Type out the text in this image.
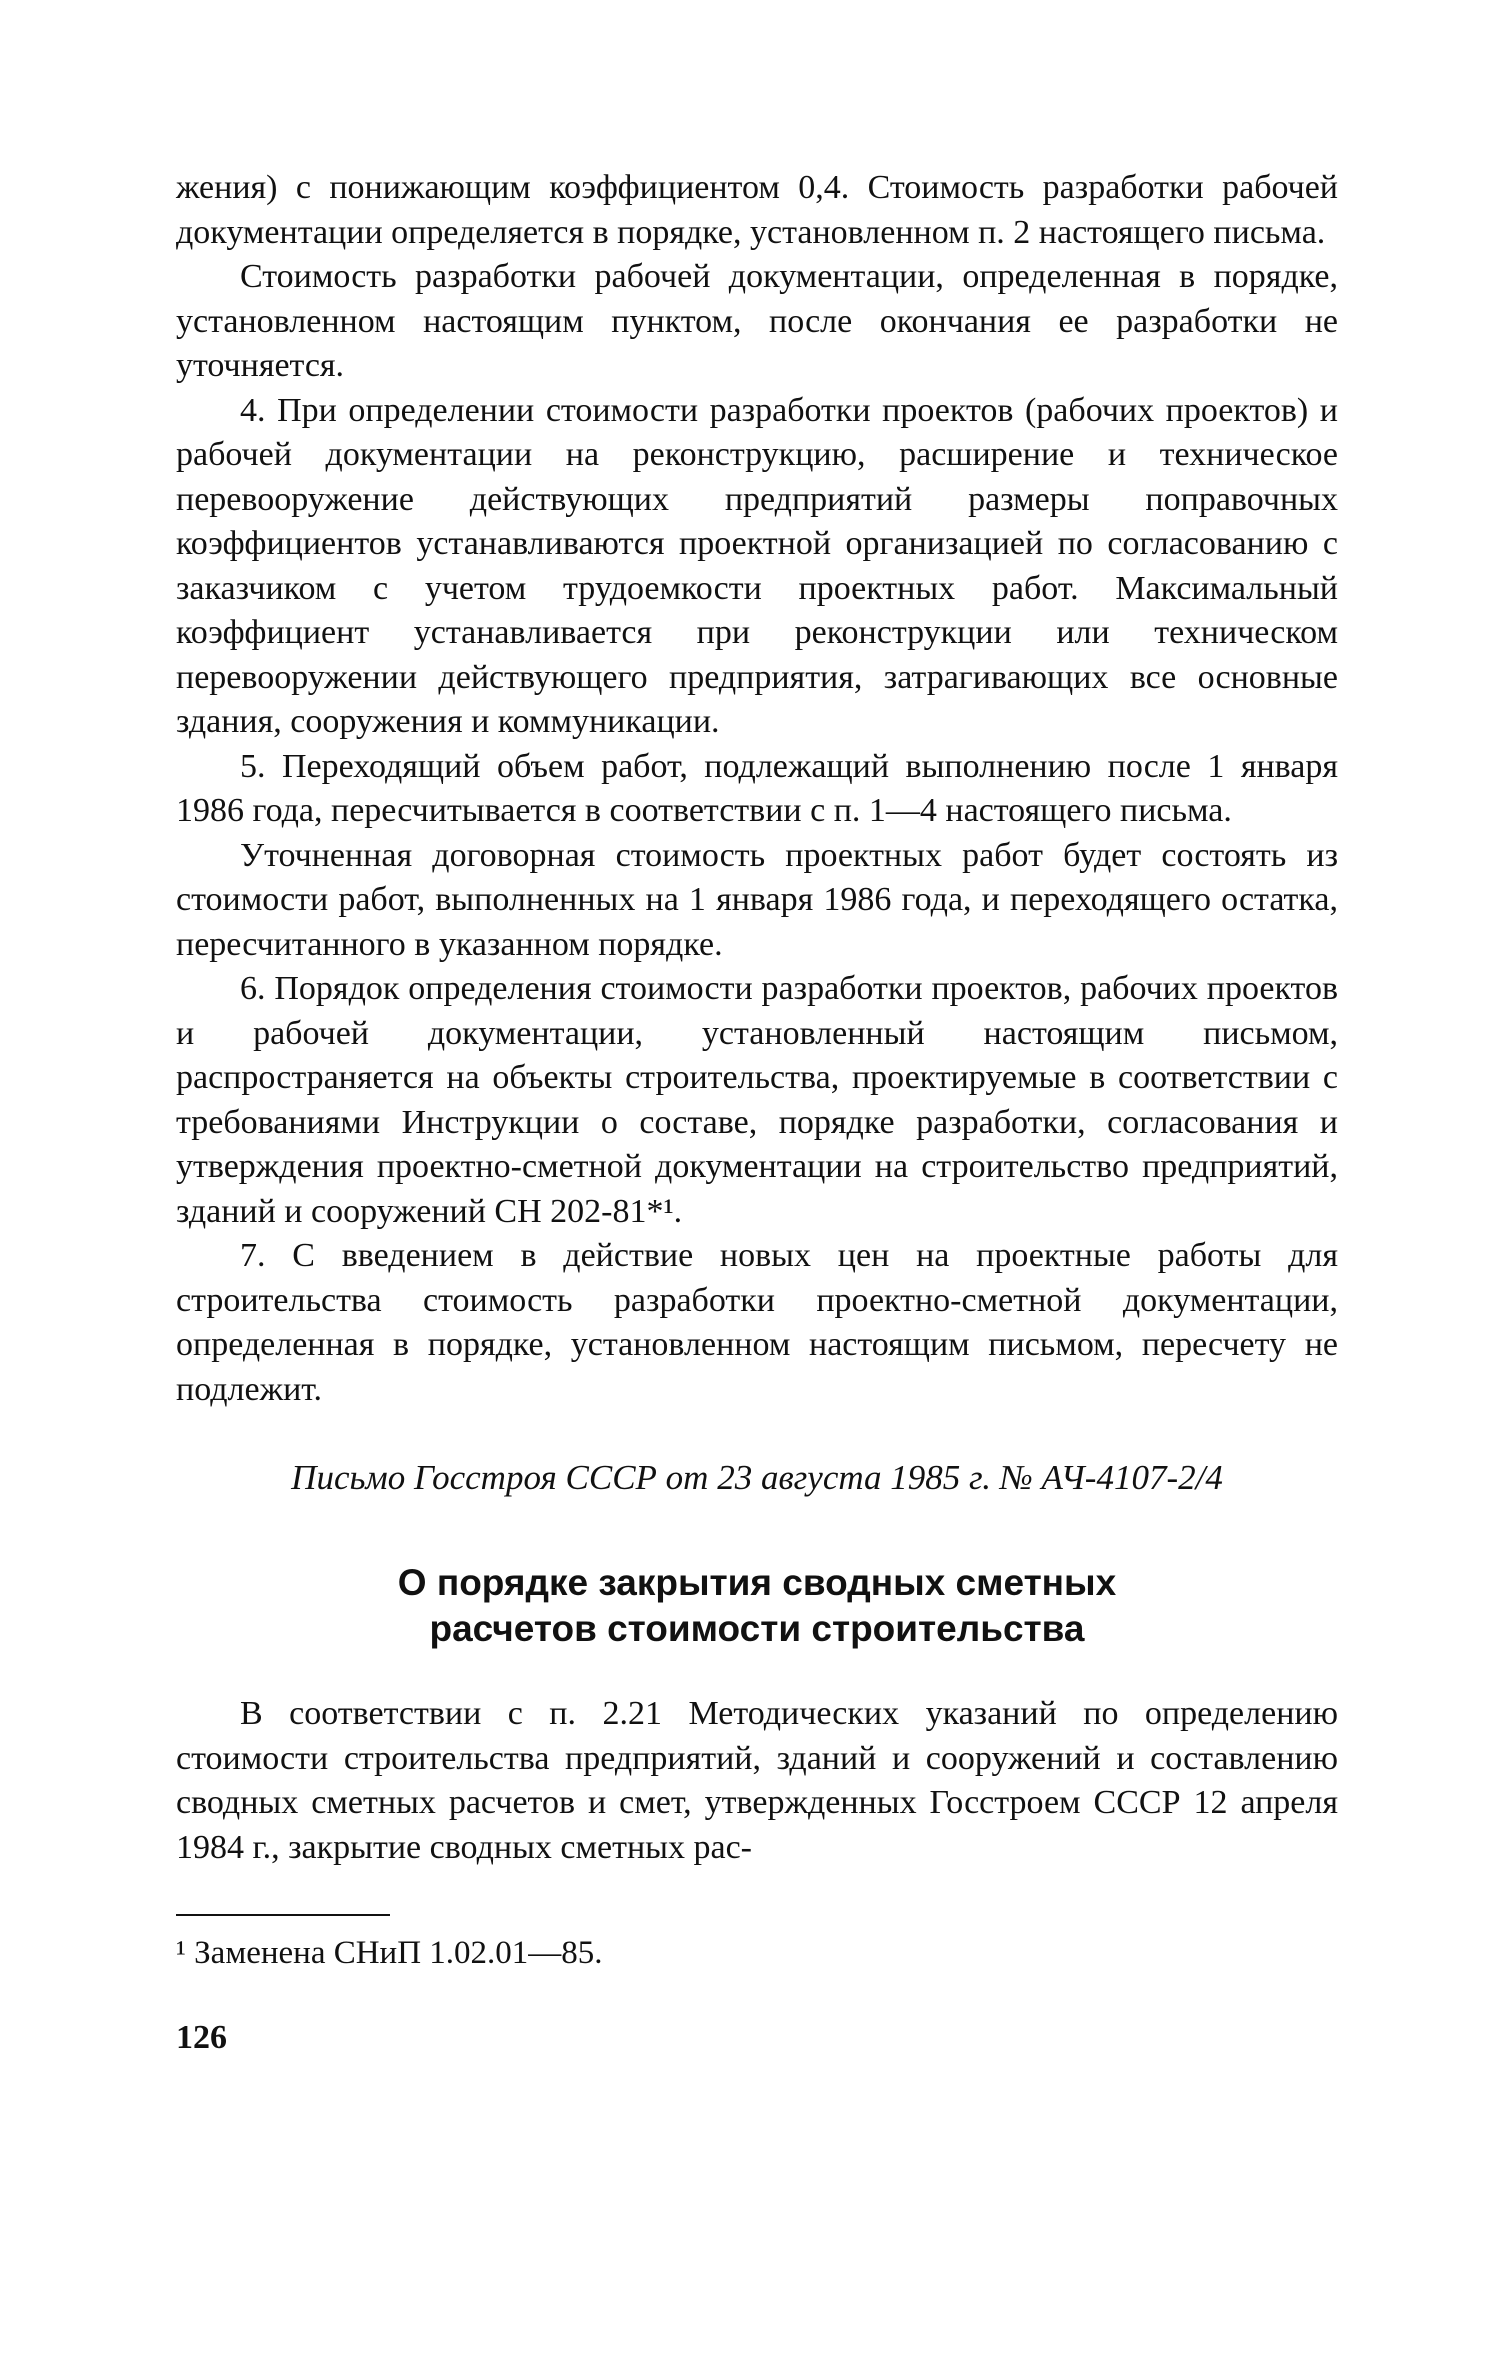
жения) с понижающим коэффициентом 0,4. Стоимость разработки рабочей документации определяется в порядке, установленном п. 2 настоящего письма.

Стоимость разработки рабочей документации, определенная в порядке, установленном настоящим пунктом, после окончания ее разработки не уточняется.

4. При определении стоимости разработки проектов (рабочих проектов) и рабочей документации на реконструкцию, расширение и техническое перевооружение действующих предприятий размеры поправочных коэффициентов устанавливаются проектной организацией по согласованию с заказчиком с учетом трудоемкости проектных работ. Максимальный коэффициент устанавливается при реконструкции или техническом перевооружении действующего предприятия, затрагивающих все основные здания, сооружения и коммуникации.

5. Переходящий объем работ, подлежащий выполнению после 1 января 1986 года, пересчитывается в соответствии с п. 1—4 настоящего письма.

Уточненная договорная стоимость проектных работ будет состоять из стоимости работ, выполненных на 1 января 1986 года, и переходящего остатка, пересчитанного в указанном порядке.

6. Порядок определения стоимости разработки проектов, рабочих проектов и рабочей документации, установленный настоящим письмом, распространяется на объекты строительства, проектируемые в соответствии с требованиями Инструкции о составе, порядке разработки, согласования и утверждения проектно-сметной документации на строительство предприятий, зданий и сооружений СН 202-81*¹.

7. С введением в действие новых цен на проектные работы для строительства стоимость разработки проектно-сметной документации, определенная в порядке, установленном настоящим письмом, пересчету не подлежит.

Письмо Госстроя СССР от 23 августа 1985 г. № АЧ-4107-2/4

О порядке закрытия сводных сметных
расчетов стоимости строительства

В соответствии с п. 2.21 Методических указаний по определению стоимости строительства предприятий, зданий и сооружений и составлению сводных сметных расчетов и смет, утвержденных Госстроем СССР 12 апреля 1984 г., закрытие сводных сметных рас-

¹ Заменена СНиП 1.02.01—85.

126
